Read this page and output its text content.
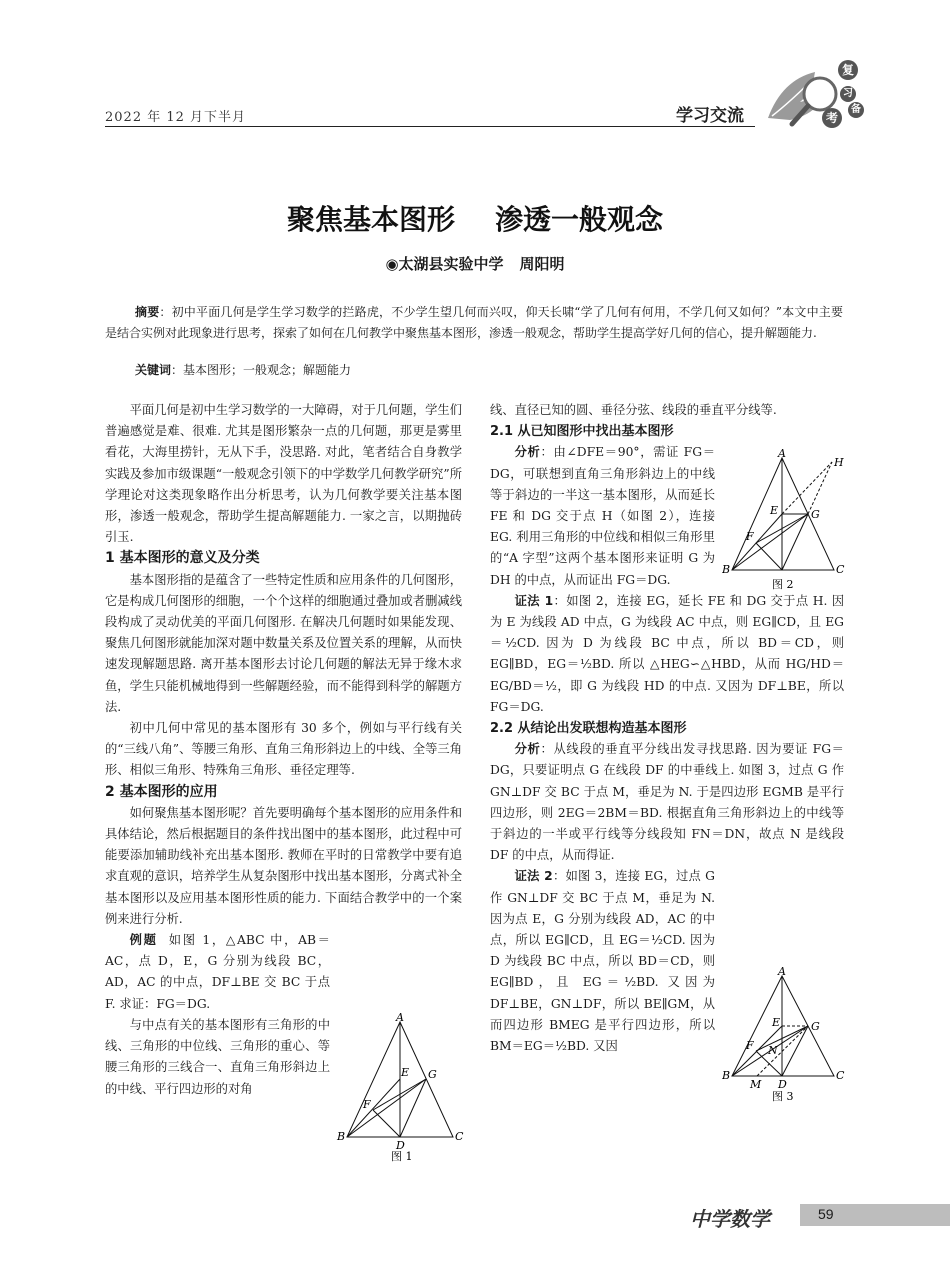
2022 年 12 月下半月	学习交流
复
习
考
备
聚焦基本图形 渗透一般观念
◉太湖县实验中学 周阳明
摘要：初中平面几何是学生学习数学的拦路虎，不少学生望几何而兴叹，仰天长啸“学了几何有何用，不学几何又如何？”本文中主要是结合实例对此现象进行思考，探索了如何在几何教学中聚焦基本图形，渗透一般观念，帮助学生提高学好几何的信心，提升解题能力.
关键词：基本图形；一般观念；解题能力

平面几何是初中生学习数学的一大障碍，对于几何题，学生们普遍感觉是难、很难. 尤其是图形繁杂一点的几何题，那更是雾里看花，大海里捞针，无从下手，没思路. 对此，笔者结合自身教学实践及参加市级课题“一般观念引领下的中学数学几何教学研究”所学理论对这类现象略作出分析思考，认为几何教学要关注基本图形，渗透一般观念，帮助学生提高解题能力. 一家之言，以期抛砖引玉.

1 基本图形的意义及分类

基本图形指的是蕴含了一些特定性质和应用条件的几何图形，它是构成几何图形的细胞，一个个这样的细胞通过叠加或者删减线段构成了灵动优美的平面几何图形. 在解决几何题时如果能发现、聚焦几何图形就能加深对题中数量关系及位置关系的理解，从而快速发现解题思路. 离开基本图形去讨论几何题的解法无异于缘木求鱼，学生只能机械地得到一些解题经验，而不能得到科学的解题方法.

初中几何中常见的基本图形有 30 多个，例如与平行线有关的“三线八角”、等腰三角形、直角三角形斜边上的中线、全等三角形、相似三角形、特殊角三角形、垂径定理等.

2 基本图形的应用

如何聚焦基本图形呢？首先要明确每个基本图形的应用条件和具体结论，然后根据题目的条件找出图中的基本图形，此过程中可能要添加辅助线补充出基本图形. 教师在平时的日常教学中要有追求直观的意识，培养学生从复杂图形中找出基本图形，分离式补全基本图形以及应用基本图形性质的能力. 下面结合教学中的一个案例来进行分析.

例题 如图 1，△ABC 中，AB＝AC，点 D，E，G 分别为线段 BC，AD，AC 的中点，DF⊥BE 交 BC 于点 F. 求证：FG＝DG.

与中点有关的基本图形有三角形的中线、三角形的中位线、三角形的重心、等腰三角形的三线合一、直角三角形斜边上的中线、平行四边形的对角

A
B	C
D
E
F
G
图 1

线、直径已知的圆、垂径分弦、线段的垂直平分线等.

2.1 从已知图形中找出基本图形

分析：由∠DFE＝90°，需证 FG＝DG，可联想到直角三角形斜边上的中线等于斜边的一半这一基本图形，从而延长 FE 和 DG 交于点 H（如图 2），连接 EG. 利用三角形的中位线和相似三角形里的“A 字型”这两个基本图形来证明 G 为 DH 的中点，从而证出 FG＝DG.

证法 1：如图 2，连接 EG，延长 FE 和 DG 交于点 H. 因为 E 为线段 AD 中点，G 为线段 AC 中点，则 EG∥CD，且 EG＝½CD. 因为 D 为线段 BC 中点，所以 BD＝CD，则 EG∥BD，EG＝½BD. 所以 △HEG∽△HBD，从而 HG/HD＝EG/BD＝½，即 G 为线段 HD 的中点. 又因为 DF⊥BE，所以 FG＝DG.

2.2 从结论出发联想构造基本图形

分析：从线段的垂直平分线出发寻找思路. 因为要证 FG＝DG，只要证明点 G 在线段 DF 的中垂线上. 如图 3，过点 G 作 GN⊥DF 交 BC 于点 M，垂足为 N. 于是四边形 EGMB 是平行四边形，则 2EG＝2BM＝BD. 根据直角三角形斜边上的中线等于斜边的一半或平行线等分线段知 FN＝DN，故点 N 是线段 DF 的中点，从而得证.

证法 2：如图 3，连接 EG，过点 G 作 GN⊥DF 交 BC 于点 M，垂足为 N. 因为点 E，G 分别为线段 AD，AC 的中点，所以 EG∥CD，且 EG＝½CD. 因为 D 为线段 BC 中点，所以 BD＝CD，则 EG∥BD，且 EG＝½BD. 又因为 DF⊥BE，GN⊥DF，所以 BE∥GM，从而四边形 BMEG 是平行四边形，所以 BM＝EG＝½BD. 又因

A
B	C
E
F
G
H
图 2
A
B	C
D
E
F
G
M
N
图 3
中学数学	59
